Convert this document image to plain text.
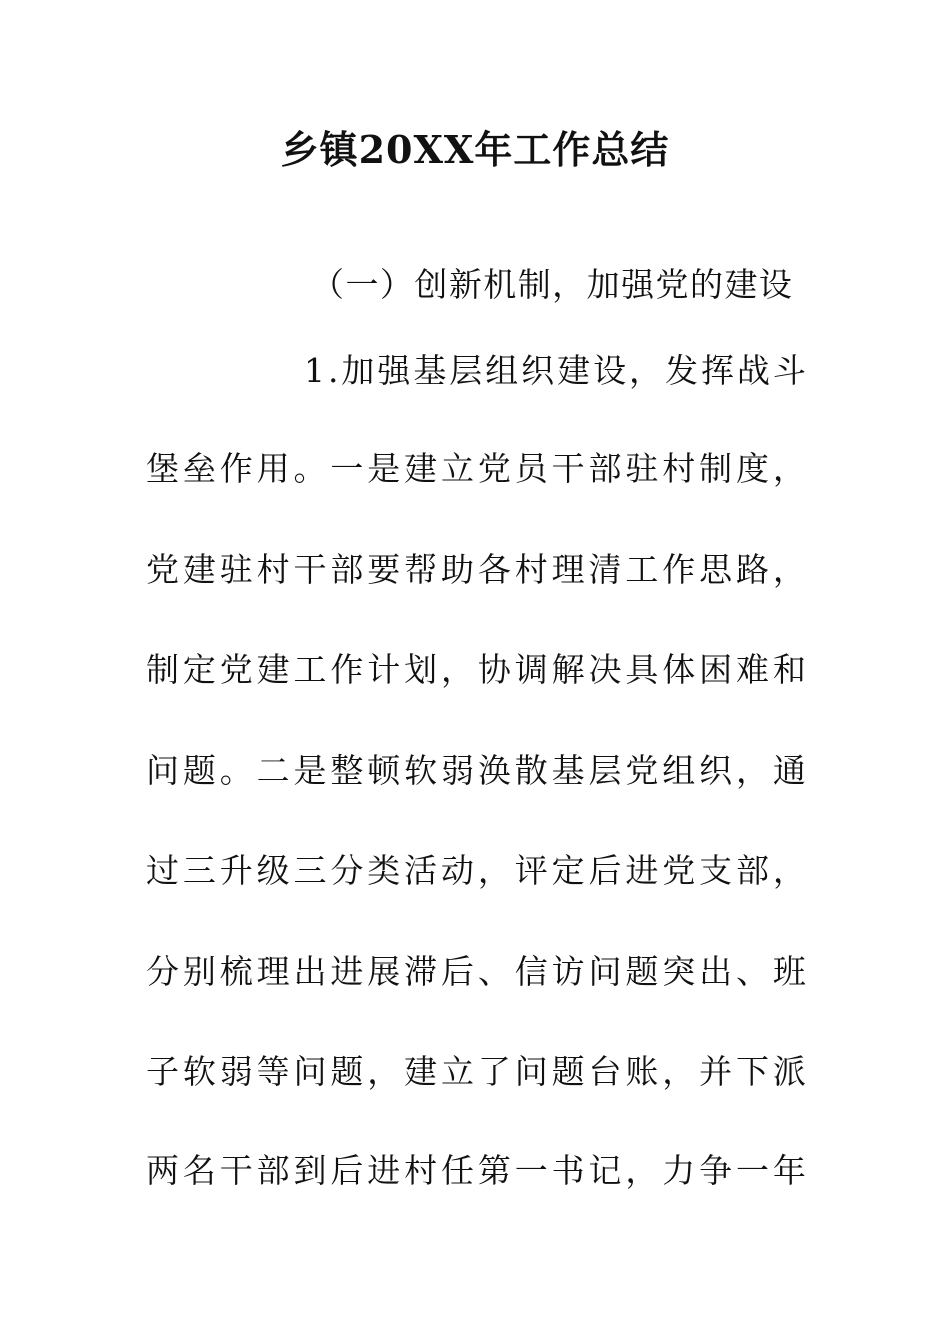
乡镇20XX年工作总结
（ 一 ） 创 新 机 制 ， 加 强 党 的 建 设
1 . 加 强 基 层 组 织 建 设 ， 发 挥 战 斗
堡 垒 作 用 。 一 是 建 立 党 员 干 部 驻 村 制 度 ，
党 建 驻 村 干 部 要 帮 助 各 村 理 清 工 作 思 路 ，
制 定 党 建 工 作 计 划 ， 协 调 解 决 具 体 困 难 和
问 题 。 二 是 整 顿 软 弱 涣 散 基 层 党 组 织 ， 通
过 三 升 级 三 分 类 活 动 ， 评 定 后 进 党 支 部 ，
分 别 梳 理 出 进 展 滞 后 、 信 访 问 题 突 出 、 班
子 软 弱 等 问 题 ， 建 立 了 问 题 台 账 ， 并 下 派
两 名 干 部 到 后 进 村 任 第 一 书 记 ， 力 争 一 年
